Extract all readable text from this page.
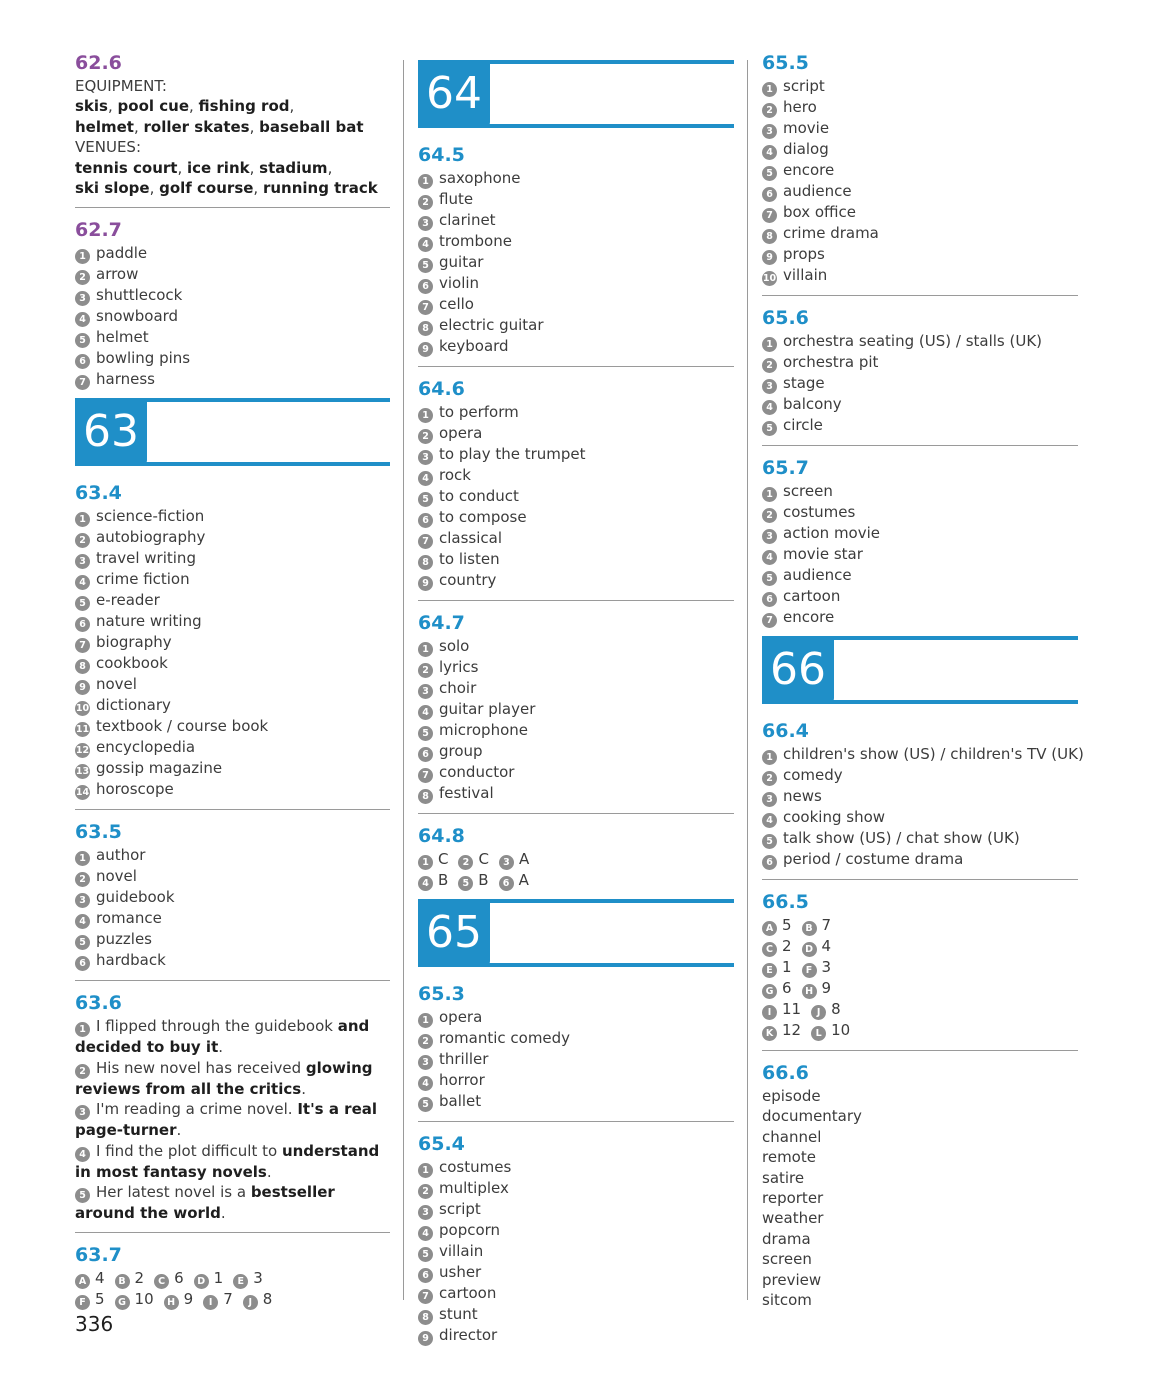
62.6
EQUIPMENT:
skis, pool cue, fishing rod,
helmet, roller skates, baseball bat
VENUES:
tennis court, ice rink, stadium,
ski slope, golf course, running track
62.7
1 paddle
2 arrow
3 shuttlecock
4 snowboard
5 helmet
6 bowling pins
7 harness
63
63.4
1 science-fiction
2 autobiography
3 travel writing
4 crime fiction
5 e-reader
6 nature writing
7 biography
8 cookbook
9 novel
10 dictionary
11 textbook / course book
12 encyclopedia
13 gossip magazine
14 horoscope
63.5
1 author
2 novel
3 guidebook
4 romance
5 puzzles
6 hardback
63.6
1 I flipped through the guidebook and decided to buy it.
2 His new novel has received glowing reviews from all the critics.
3 I'm reading a crime novel. It's a real page-turner.
4 I find the plot difficult to understand in most fantasy novels.
5 Her latest novel is a bestseller around the world.
63.7
A 4 B 2 C 6 D 1 E 3
F 5 G 10 H 9 I 7 J 8
64
64.5
1 saxophone
2 flute
3 clarinet
4 trombone
5 guitar
6 violin
7 cello
8 electric guitar
9 keyboard
64.6
1 to perform
2 opera
3 to play the trumpet
4 rock
5 to conduct
6 to compose
7 classical
8 to listen
9 country
64.7
1 solo
2 lyrics
3 choir
4 guitar player
5 microphone
6 group
7 conductor
8 festival
64.8
1 C 2 C 3 A
4 B 5 B 6 A
65
65.3
1 opera
2 romantic comedy
3 thriller
4 horror
5 ballet
65.4
1 costumes
2 multiplex
3 script
4 popcorn
5 villain
6 usher
7 cartoon
8 stunt
9 director
65.5
1 script
2 hero
3 movie
4 dialog
5 encore
6 audience
7 box office
8 crime drama
9 props
10 villain
65.6
1 orchestra seating (US) / stalls (UK)
2 orchestra pit
3 stage
4 balcony
5 circle
65.7
1 screen
2 costumes
3 action movie
4 movie star
5 audience
6 cartoon
7 encore
66
66.4
1 children's show (US) / children's TV (UK)
2 comedy
3 news
4 cooking show
5 talk show (US) / chat show (UK)
6 period / costume drama
66.5
A 5 B 7
C 2 D 4
E 1 F 3
G 6 H 9
I 11 J 8
K 12 L 10
66.6
episode
documentary
channel
remote
satire
reporter
weather
drama
screen
preview
sitcom
336
